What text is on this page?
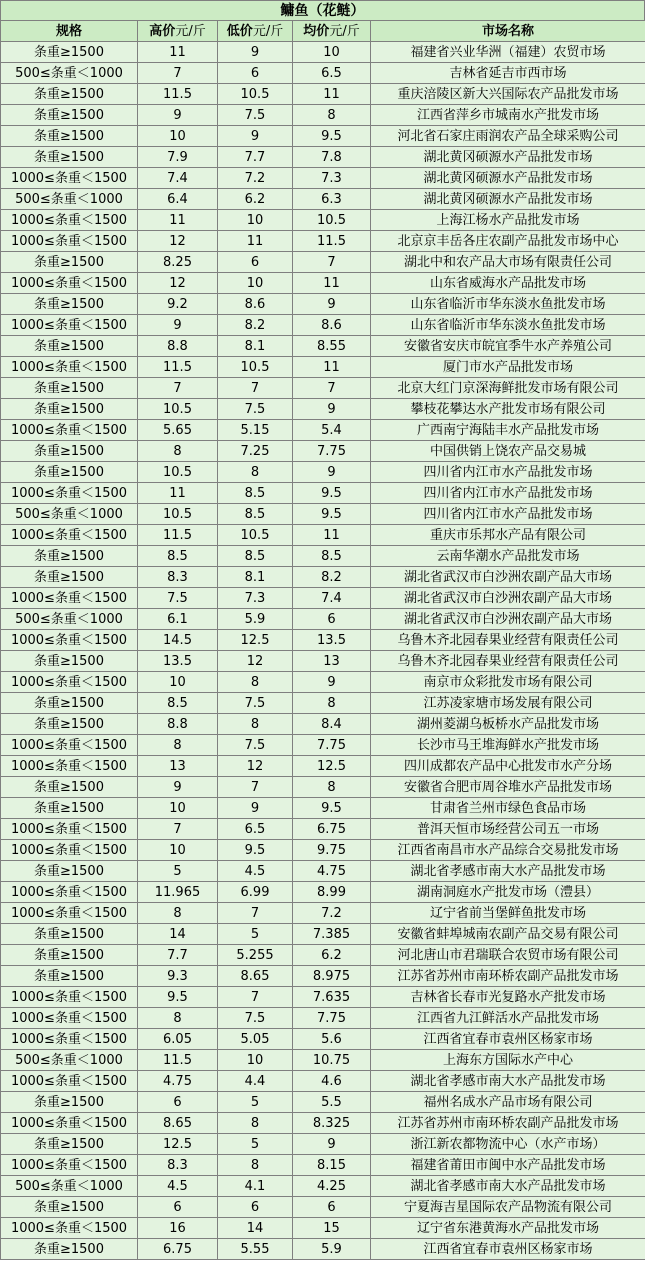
鳙鱼（花鲢）
规格	高价元/斤	低价元/斤	均价元/斤	市场名称
条重≥1500	11	9	10	福建省兴业华洲（福建）农贸市场
500≤条重＜1000	7	6	6.5	吉林省延吉市西市场
条重≥1500	11.5	10.5	11	重庆涪陵区新大兴国际农产品批发市场
条重≥1500	9	7.5	8	江西省萍乡市城南水产批发市场
条重≥1500	10	9	9.5	河北省石家庄雨润农产品全球采购公司
条重≥1500	7.9	7.7	7.8	湖北黄冈硕源水产品批发市场
1000≤条重＜1500	7.4	7.2	7.3	湖北黄冈硕源水产品批发市场
500≤条重＜1000	6.4	6.2	6.3	湖北黄冈硕源水产品批发市场
1000≤条重＜1500	11	10	10.5	上海江杨水产品批发市场
1000≤条重＜1500	12	11	11.5	北京京丰岳各庄农副产品批发市场中心
条重≥1500	8.25	6	7	湖北中和农产品大市场有限责任公司
1000≤条重＜1500	12	10	11	山东省威海水产品批发市场
条重≥1500	9.2	8.6	9	山东省临沂市华东淡水鱼批发市场
1000≤条重＜1500	9	8.2	8.6	山东省临沂市华东淡水鱼批发市场
条重≥1500	8.8	8.1	8.55	安徽省安庆市皖宜季牛水产养殖公司
1000≤条重＜1500	11.5	10.5	11	厦门市水产品批发市场
条重≥1500	7	7	7	北京大红门京深海鲜批发市场有限公司
条重≥1500	10.5	7.5	9	攀枝花攀达水产批发市场有限公司
1000≤条重＜1500	5.65	5.15	5.4	广西南宁海陆丰水产品批发市场
条重≥1500	8	7.25	7.75	中国供销上饶农产品交易城
条重≥1500	10.5	8	9	四川省内江市水产品批发市场
1000≤条重＜1500	11	8.5	9.5	四川省内江市水产品批发市场
500≤条重＜1000	10.5	8.5	9.5	四川省内江市水产品批发市场
1000≤条重＜1500	11.5	10.5	11	重庆市乐邦水产品有限公司
条重≥1500	8.5	8.5	8.5	云南华潮水产品批发市场
条重≥1500	8.3	8.1	8.2	湖北省武汉市白沙洲农副产品大市场
1000≤条重＜1500	7.5	7.3	7.4	湖北省武汉市白沙洲农副产品大市场
500≤条重＜1000	6.1	5.9	6	湖北省武汉市白沙洲农副产品大市场
1000≤条重＜1500	14.5	12.5	13.5	乌鲁木齐北园春果业经营有限责任公司
条重≥1500	13.5	12	13	乌鲁木齐北园春果业经营有限责任公司
1000≤条重＜1500	10	8	9	南京市众彩批发市场有限公司
条重≥1500	8.5	7.5	8	江苏凌家塘市场发展有限公司
条重≥1500	8.8	8	8.4	湖州菱湖乌板桥水产品批发市场
1000≤条重＜1500	8	7.5	7.75	长沙市马王堆海鲜水产批发市场
1000≤条重＜1500	13	12	12.5	四川成都农产品中心批发市水产分场
条重≥1500	9	7	8	安徽省合肥市周谷堆水产品批发市场
条重≥1500	10	9	9.5	甘肃省兰州市绿色食品市场
1000≤条重＜1500	7	6.5	6.75	普洱天恒市场经营公司五一市场
1000≤条重＜1500	10	9.5	9.75	江西省南昌市水产品综合交易批发市场
条重≥1500	5	4.5	4.75	湖北省孝感市南大水产品批发市场
1000≤条重＜1500	11.965	6.99	8.99	湖南洞庭水产批发市场（澧县）
1000≤条重＜1500	8	7	7.2	辽宁省前当堡鲜鱼批发市场
条重≥1500	14	5	7.385	安徽省蚌埠城南农副产品交易有限公司
条重≥1500	7.7	5.255	6.2	河北唐山市君瑞联合农贸市场有限公司
条重≥1500	9.3	8.65	8.975	江苏省苏州市南环桥农副产品批发市场
1000≤条重＜1500	9.5	7	7.635	吉林省长春市光复路水产批发市场
1000≤条重＜1500	8	7.5	7.75	江西省九江鲜活水产品批发市场
1000≤条重＜1500	6.05	5.05	5.6	江西省宜春市袁州区杨家市场
500≤条重＜1000	11.5	10	10.75	上海东方国际水产中心
1000≤条重＜1500	4.75	4.4	4.6	湖北省孝感市南大水产品批发市场
条重≥1500	6	5	5.5	福州名成水产品市场有限公司
1000≤条重＜1500	8.65	8	8.325	江苏省苏州市南环桥农副产品批发市场
条重≥1500	12.5	5	9	浙江新农都物流中心（水产市场）
1000≤条重＜1500	8.3	8	8.15	福建省莆田市闽中水产品批发市场
500≤条重＜1000	4.5	4.1	4.25	湖北省孝感市南大水产品批发市场
条重≥1500	6	6	6	宁夏海吉星国际农产品物流有限公司
1000≤条重＜1500	16	14	15	辽宁省东港黄海水产品批发市场
条重≥1500	6.75	5.55	5.9	江西省宜春市袁州区杨家市场
